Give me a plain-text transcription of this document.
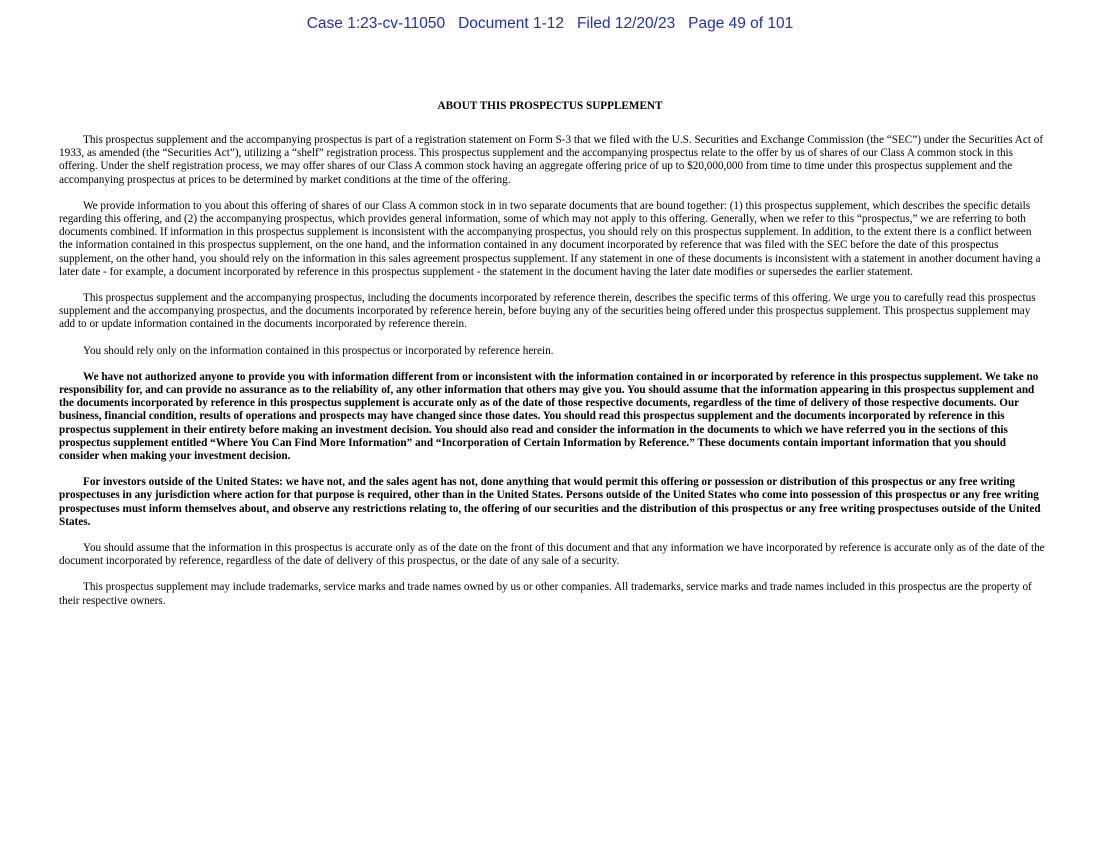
Case 1:23-cv-11050   Document 1-12   Filed 12/20/23   Page 49 of 101
ABOUT THIS PROSPECTUS SUPPLEMENT

This prospectus supplement and the accompanying prospectus is part of a registration statement on Form S-3 that we filed with the U.S. Securities and Exchange Commission (the “SEC”) under the Securities Act of 1933, as amended (the “Securities Act”), utilizing a “shelf” registration process. This prospectus supplement and the accompanying prospectus relate to the offer by us of shares of our Class A common stock in this offering. Under the shelf registration process, we may offer shares of our Class A common stock having an aggregate offering price of up to $20,000,000 from time to time under this prospectus supplement and the accompanying prospectus at prices to be determined by market conditions at the time of the offering.

We provide information to you about this offering of shares of our Class A common stock in in two separate documents that are bound together: (1) this prospectus supplement, which describes the specific details regarding this offering, and (2) the accompanying prospectus, which provides general information, some of which may not apply to this offering. Generally, when we refer to this “prospectus,” we are referring to both documents combined. If information in this prospectus supplement is inconsistent with the accompanying prospectus, you should rely on this prospectus supplement. In addition, to the extent there is a conflict between the information contained in this prospectus supplement, on the one hand, and the information contained in any document incorporated by reference that was filed with the SEC before the date of this prospectus supplement, on the other hand, you should rely on the information in this sales agreement prospectus supplement. If any statement in one of these documents is inconsistent with a statement in another document having a later date - for example, a document incorporated by reference in this prospectus supplement - the statement in the document having the later date modifies or supersedes the earlier statement.

This prospectus supplement and the accompanying prospectus, including the documents incorporated by reference therein, describes the specific terms of this offering. We urge you to carefully read this prospectus supplement and the accompanying prospectus, and the documents incorporated by reference herein, before buying any of the securities being offered under this prospectus supplement. This prospectus supplement may add to or update information contained in the documents incorporated by reference therein.

You should rely only on the information contained in this prospectus or incorporated by reference herein.

We have not authorized anyone to provide you with information different from or inconsistent with the information contained in or incorporated by reference in this prospectus supplement. We take no responsibility for, and can provide no assurance as to the reliability of, any other information that others may give you. You should assume that the information appearing in this prospectus supplement and the documents incorporated by reference in this prospectus supplement is accurate only as of the date of those respective documents, regardless of the time of delivery of those respective documents. Our business, financial condition, results of operations and prospects may have changed since those dates. You should read this prospectus supplement and the documents incorporated by reference in this prospectus supplement in their entirety before making an investment decision. You should also read and consider the information in the documents to which we have referred you in the sections of this prospectus supplement entitled “Where You Can Find More Information” and “Incorporation of Certain Information by Reference.” These documents contain important information that you should consider when making your investment decision.

For investors outside of the United States: we have not, and the sales agent has not, done anything that would permit this offering or possession or distribution of this prospectus or any free writing prospectuses in any jurisdiction where action for that purpose is required, other than in the United States. Persons outside of the United States who come into possession of this prospectus or any free writing prospectuses must inform themselves about, and observe any restrictions relating to, the offering of our securities and the distribution of this prospectus or any free writing prospectuses outside of the United States.

You should assume that the information in this prospectus is accurate only as of the date on the front of this document and that any information we have incorporated by reference is accurate only as of the date of the document incorporated by reference, regardless of the date of delivery of this prospectus, or the date of any sale of a security.

This prospectus supplement may include trademarks, service marks and trade names owned by us or other companies. All trademarks, service marks and trade names included in this prospectus are the property of their respective owners.
